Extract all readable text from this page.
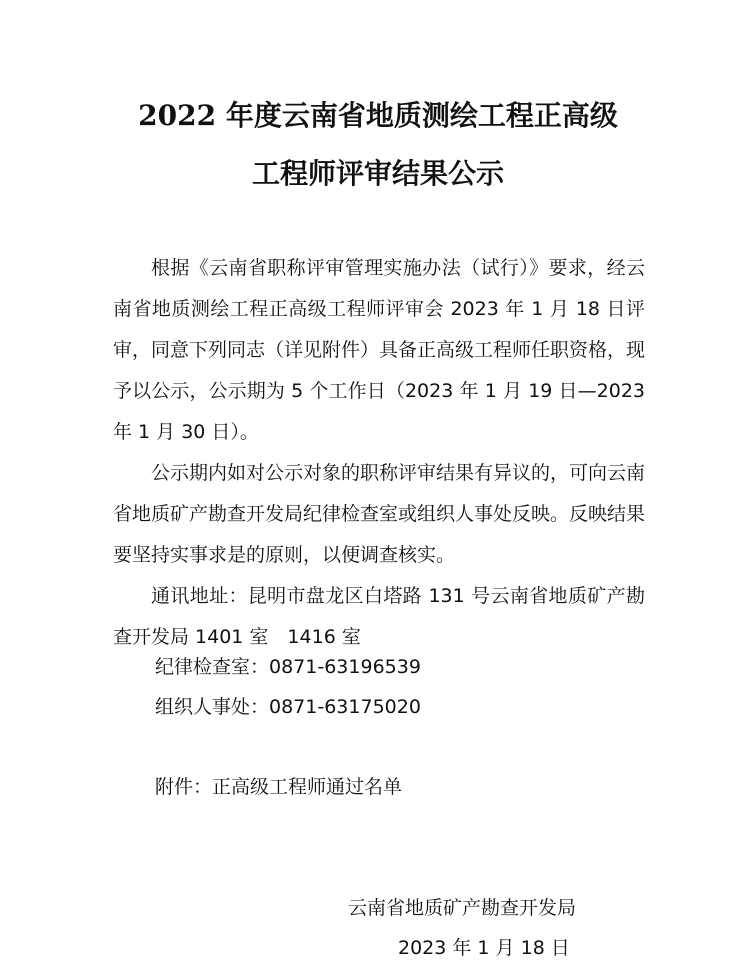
2022 年度云南省地质测绘工程正高级
工程师评审结果公示

根据《云南省职称评审管理实施办法（试行）》要求，经云南省地质测绘工程正高级工程师评审会 2023 年 1 月 18 日评审，同意下列同志（详见附件）具备正高级工程师任职资格，现予以公示，公示期为 5 个工作日（2023 年 1 月 19 日—2023 年 1 月 30 日）。

公示期内如对公示对象的职称评审结果有异议的，可向云南省地质矿产勘查开发局纪律检查室或组织人事处反映。反映结果要坚持实事求是的原则，以便调查核实。

通讯地址：昆明市盘龙区白塔路 131 号云南省地质矿产勘查开发局 1401 室　1416 室

纪律检查室：0871-63196539
组织人事处：0871-63175020
附件：正高级工程师通过名单
云南省地质矿产勘查开发局
2023 年 1 月 18 日
